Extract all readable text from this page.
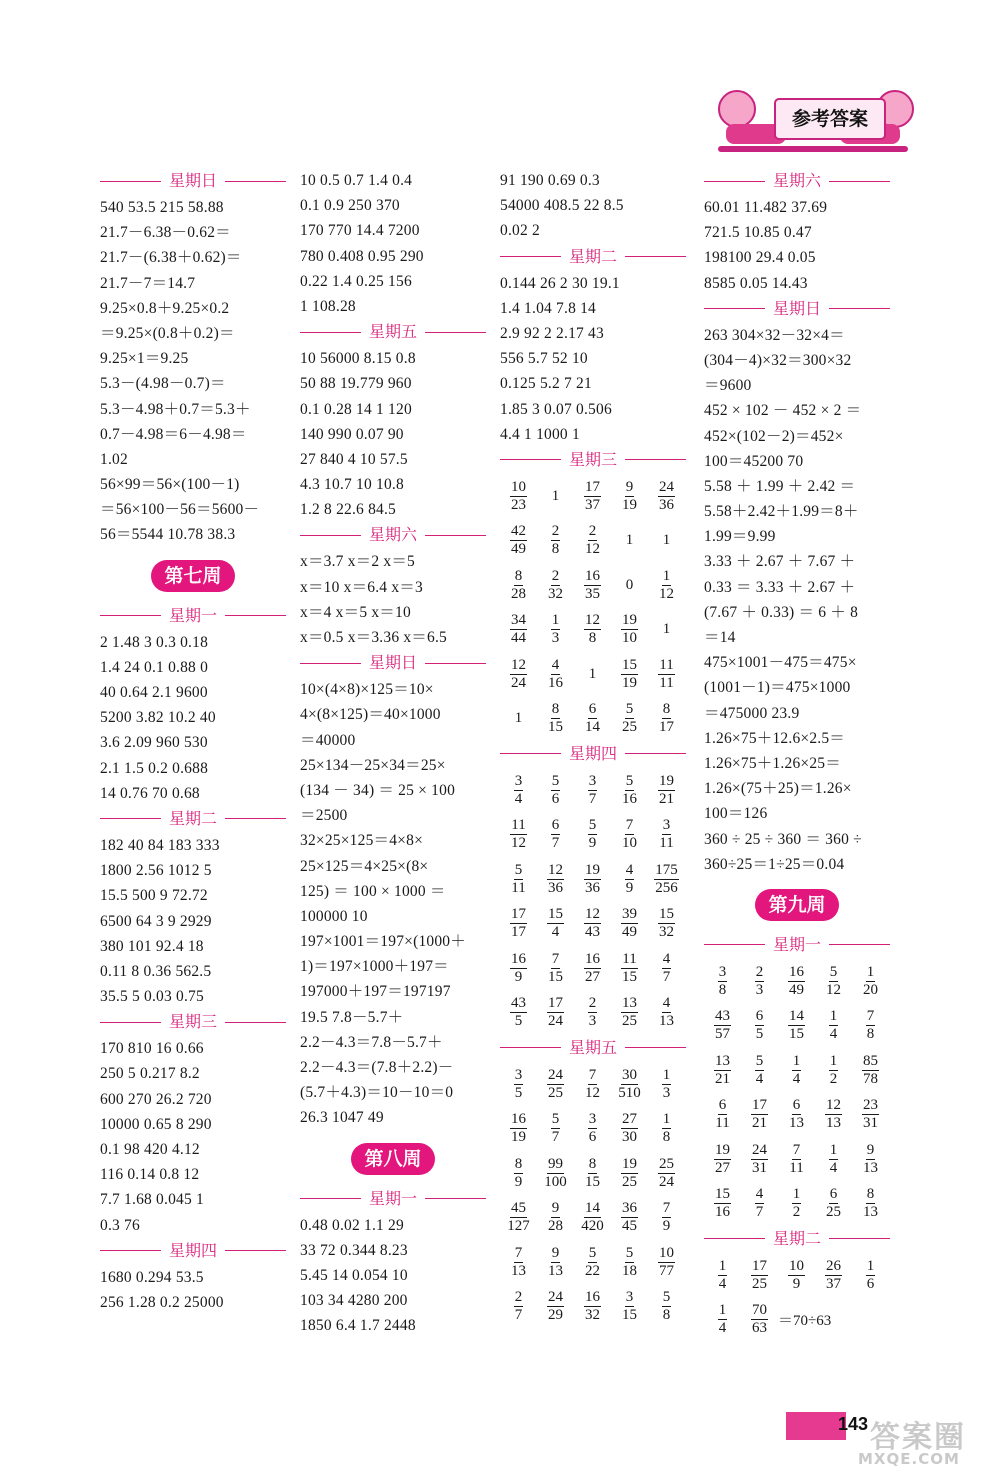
参考答案
星期日
540 53.5 215 58.88
21.7－6.38－0.62＝
21.7－(6.38＋0.62)＝
21.7－7＝14.7
9.25×0.8＋9.25×0.2
＝9.25×(0.8＋0.2)＝
9.25×1＝9.25
5.3－(4.98－0.7)＝
5.3－4.98＋0.7＝5.3＋
0.7－4.98＝6－4.98＝
1.02
56×99＝56×(100－1)
＝56×100－56＝5600－
56＝5544 10.78 38.3
第七周
星期一
2 1.48 3 0.3 0.18
1.4 24 0.1 0.88 0
40 0.64 2.1 9600
5200 3.82 10.2 40
3.6 2.09 960 530
2.1 1.5 0.2 0.688
14 0.76 70 0.68
星期二
182 40 84 183 333
1800 2.56 1012 5
15.5 500 9 72.72
6500 64 3 9 2929
380 101 92.4 18
0.11 8 0.36 562.5
35.5 5 0.03 0.75
星期三
170 810 16 0.66
250 5 0.217 8.2
600 270 26.2 720
10000 0.65 8 290
0.1 98 420 4.12
116 0.14 0.8 12
7.7 1.68 0.045 1
0.3 76
星期四
1680 0.294 53.5
256 1.28 0.2 25000
10 0.5 0.7 1.4 0.4
0.1 0.9 250 370
170 770 14.4 7200
780 0.408 0.95 290
0.22 1.4 0.25 156
1 108.28
星期五
10 56000 8.15 0.8
50 88 19.779 960
0.1 0.28 14 1 120
140 990 0.07 90
27 840 4 10 57.5
4.3 10.7 10 10.8
1.2 8 22.6 84.5
星期六
x＝3.7 x＝2 x＝5
x＝10 x＝6.4 x＝3
x＝4 x＝5 x＝10
x＝0.5 x＝3.36 x＝6.5
星期日
10×(4×8)×125＝10×
4×(8×125)＝40×1000
＝40000
25×134－25×34＝25×
(134 － 34) ＝ 25 × 100
＝2500
32×25×125＝4×8×
25×125＝4×25×(8×
125) ＝ 100 × 1000 ＝
100000 10
197×1001＝197×(1000＋
1)＝197×1000＋197＝
197000＋197＝197197
19.5 7.8－5.7＋
2.2－4.3＝7.8－5.7＋
2.2－4.3＝(7.8＋2.2)－
(5.7＋4.3)＝10－10＝0
26.3 1047 49
第八周
星期一
0.48 0.02 1.1 29
33 72 0.344 8.23
5.45 14 0.054 10
103 34 4280 200
1850 6.4 1.7 2448
91 190 0.69 0.3
54000 408.5 22 8.5
0.02 2
星期二
0.144 26 2 30 19.1
1.4 1.04 7.8 14
2.9 92 2 2.17 43
556 5.7 52 10
0.125 5.2 7 21
1.85 3 0.07 0.506
4.4 1 1000 1
星期三
$\frac{10}{23} 1 \frac{17}{37} \frac{9}{19} \frac{24}{36}$
$\frac{42}{49} \frac{2}{8} \frac{2}{12} 1$	1
$\frac{8}{28} \frac{2}{32} \frac{16}{35} 0 \frac{1}{12}$
$\frac{34}{44} \frac{1}{3} \frac{12}{8} \frac{19}{10} 1$
$\frac{12}{24} \frac{4}{16} 1 \frac{15}{19} \frac{11}{11}$
$1 \frac{8}{15} \frac{6}{14} \frac{5}{25} \frac{8}{17}$
星期四
$\frac{3}{4} \frac{5}{6} \frac{3}{7} \frac{5}{16} \frac{19}{21}$
$\frac{11}{12} \frac{6}{7} \frac{5}{9} \frac{7}{10} \frac{3}{11}$
$\frac{5}{11} \frac{12}{36} \frac{19}{36} \frac{4}{9} \frac{175}{256}$
$\frac{17}{17} \frac{15}{4} \frac{12}{43} \frac{39}{49} \frac{15}{32}$
$\frac{16}{9} \frac{7}{15} \frac{16}{27} \frac{11}{15} \frac{4}{7}$
$\frac{43}{5} \frac{17}{24} \frac{2}{3} \frac{13}{25} \frac{4}{13}$
星期五
$\frac{3}{5} \frac{24}{25} \frac{7}{12} \frac{30}{510} \frac{1}{3}$
$\frac{16}{19} \frac{5}{7} \frac{3}{6} \frac{27}{30} \frac{1}{8}$
$\frac{8}{9} \frac{99}{100} \frac{8}{15} \frac{19}{25} \frac{25}{24}$
$\frac{45}{127} \frac{9}{28} \frac{14}{420} \frac{36}{45} \frac{7}{9}$
$\frac{7}{13} \frac{9}{13} \frac{5}{22} \frac{5}{18} \frac{10}{77}$
$\frac{2}{7} \frac{24}{29} \frac{16}{32} \frac{3}{15} \frac{5}{8}$
星期六
60.01 11.482 37.69
721.5 10.85 0.47
198100 29.4 0.05
8585 0.05 14.43
星期日
263 304×32－32×4＝
(304－4)×32＝300×32
＝9600
452 × 102 － 452 × 2 ＝
452×(102－2)＝452×
100＝45200 70
5.58 ＋ 1.99 ＋ 2.42 ＝
5.58＋2.42＋1.99＝8＋
1.99＝9.99
3.33 ＋ 2.67 ＋ 7.67 ＋
0.33 ＝ 3.33 ＋ 2.67 ＋
(7.67 ＋ 0.33) ＝ 6 ＋ 8
＝14
475×1001－475＝475×
(1001－1)＝475×1000
＝475000 23.9
1.26×75＋12.6×2.5＝
1.26×75＋1.26×25＝
1.26×(75＋25)＝1.26×
100＝126
360 ÷ 25 ÷ 360 ＝ 360 ÷
360÷25＝1÷25＝0.04
第九周
星期一
$\frac{3}{8} \frac{2}{3} \frac{16}{49} \frac{5}{12} \frac{1}{20}$
$\frac{43}{57} \frac{6}{5} \frac{14}{15} \frac{1}{4} \frac{7}{8}$
$\frac{13}{21} \frac{5}{4} \frac{1}{4} \frac{1}{2} \frac{85}{78}$
$\frac{6}{11} \frac{17}{21} \frac{6}{13} \frac{12}{13} \frac{23}{31}$
$\frac{19}{27} \frac{24}{31} \frac{7}{11} \frac{1}{4} \frac{9}{13}$
$\frac{15}{16} \frac{4}{7} \frac{1}{2} \frac{6}{25} \frac{8}{13}$
星期二
$\frac{1}{4} \frac{17}{25} \frac{10}{9} \frac{26}{37} \frac{1}{6}$
$\frac{1}{4} \frac{70}{63} =70\div 63$
143 答案圈
MXQE.COM
